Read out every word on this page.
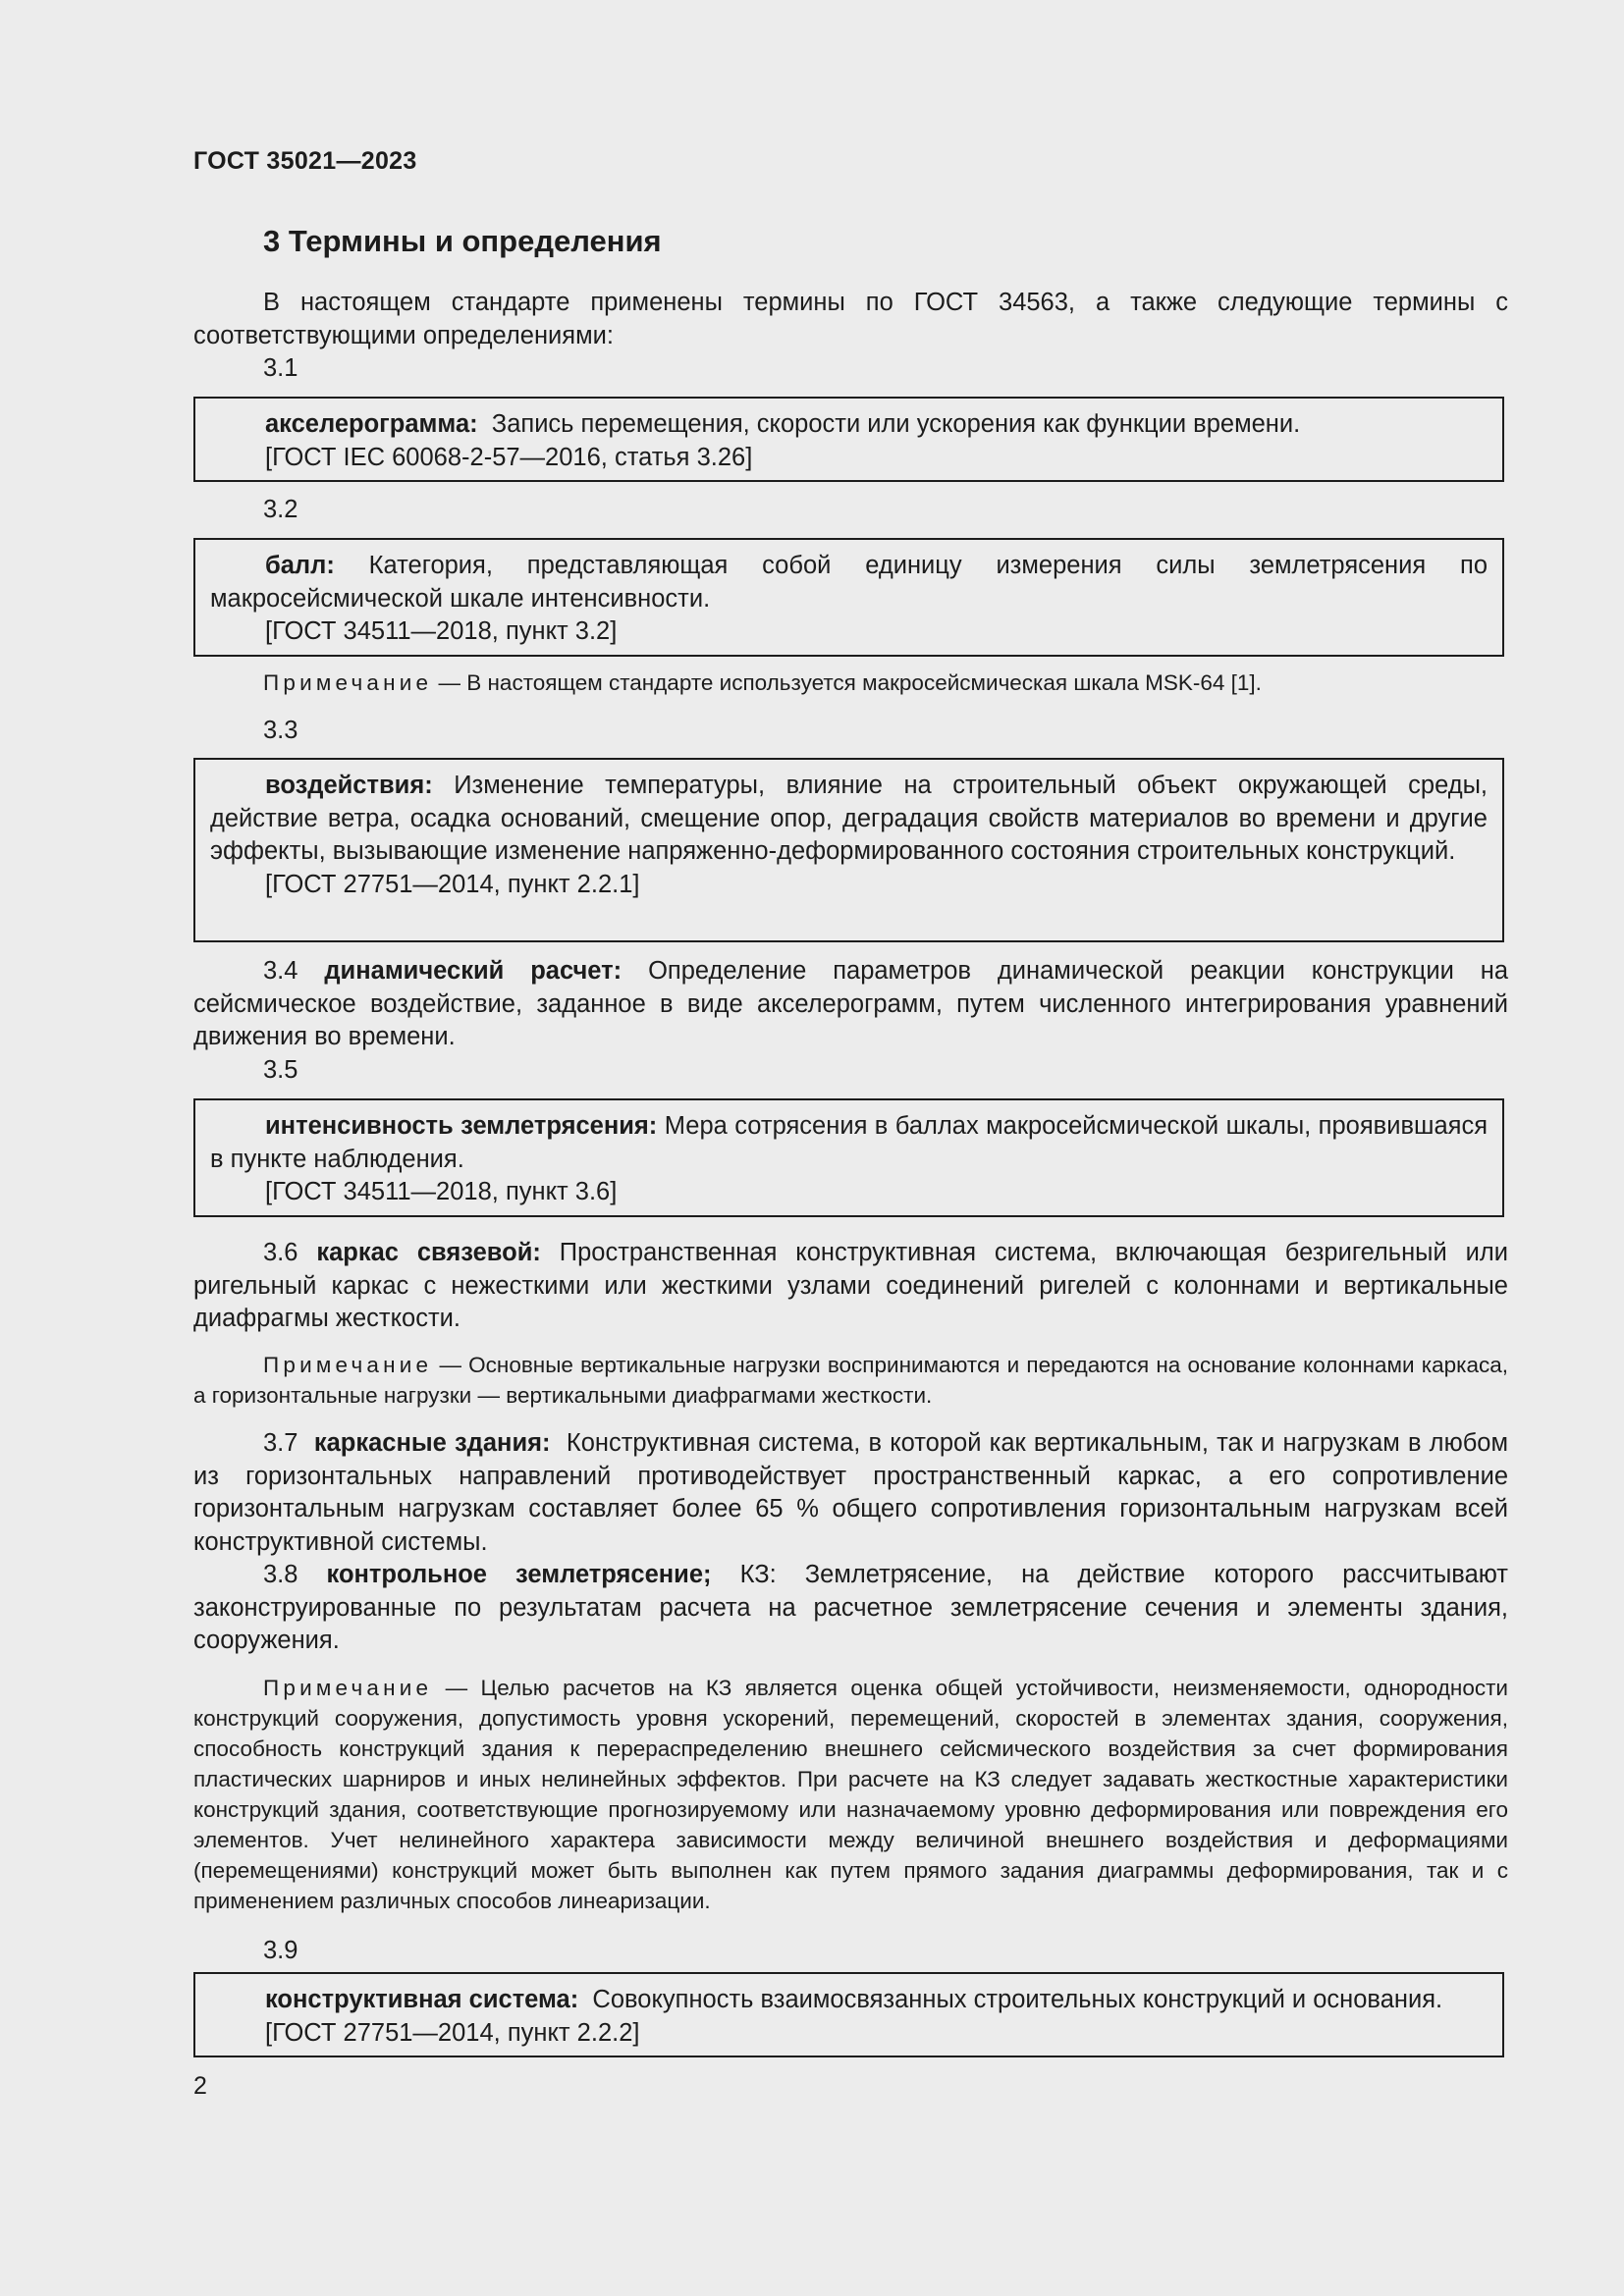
ГОСТ 35021—2023
3 Термины и определения

В настоящем стандарте применены термины по ГОСТ 34563, а также следующие термины с соответствующими определениями:

3.1

акселерограмма: Запись перемещения, скорости или ускорения как функции времени.

[ГОСТ IEC 60068-2-57—2016, статья 3.26]

3.2

балл: Категория, представляющая собой единицу измерения силы землетрясения по макросейсмической шкале интенсивности.

[ГОСТ 34511—2018, пункт 3.2]

Примечание — В настоящем стандарте используется макросейсмическая шкала MSK-64 [1].

3.3

воздействия: Изменение температуры, влияние на строительный объект окружающей среды, действие ветра, осадка оснований, смещение опор, деградация свойств материалов во времени и другие эффекты, вызывающие изменение напряженно-деформированного состояния строительных конструкций.

[ГОСТ 27751—2014, пункт 2.2.1]

3.4 динамический расчет: Определение параметров динамической реакции конструкции на сейсмическое воздействие, заданное в виде акселерограмм, путем численного интегрирования уравнений движения во времени.

3.5

интенсивность землетрясения: Мера сотрясения в баллах макросейсмической шкалы, проявившаяся в пункте наблюдения.

[ГОСТ 34511—2018, пункт 3.6]

3.6 каркас связевой: Пространственная конструктивная система, включающая безригельный или ригельный каркас с нежесткими или жесткими узлами соединений ригелей с колоннами и вертикальные диафрагмы жесткости.

Примечание — Основные вертикальные нагрузки воспринимаются и передаются на основание колоннами каркаса, а горизонтальные нагрузки — вертикальными диафрагмами жесткости.

3.7 каркасные здания: Конструктивная система, в которой как вертикальным, так и нагрузкам в любом из горизонтальных направлений противодействует пространственный каркас, а его сопротивление горизонтальным нагрузкам составляет более 65 % общего сопротивления горизонтальным нагрузкам всей конструктивной системы.

3.8 контрольное землетрясение; КЗ: Землетрясение, на действие которого рассчитывают законструированные по результатам расчета на расчетное землетрясение сечения и элементы здания, сооружения.

Примечание — Целью расчетов на КЗ является оценка общей устойчивости, неизменяемости, однородности конструкций сооружения, допустимость уровня ускорений, перемещений, скоростей в элементах здания, сооружения, способность конструкций здания к перераспределению внешнего сейсмического воздействия за счет формирования пластических шарниров и иных нелинейных эффектов. При расчете на КЗ следует задавать жесткостные характеристики конструкций здания, соответствующие прогнозируемому или назначаемому уровню деформирования или повреждения его элементов. Учет нелинейного характера зависимости между величиной внешнего воздействия и деформациями (перемещениями) конструкций может быть выполнен как путем прямого задания диаграммы деформирования, так и с применением различных способов линеаризации.

3.9

конструктивная система: Совокупность взаимосвязанных строительных конструкций и основания.

[ГОСТ 27751—2014, пункт 2.2.2]

2
